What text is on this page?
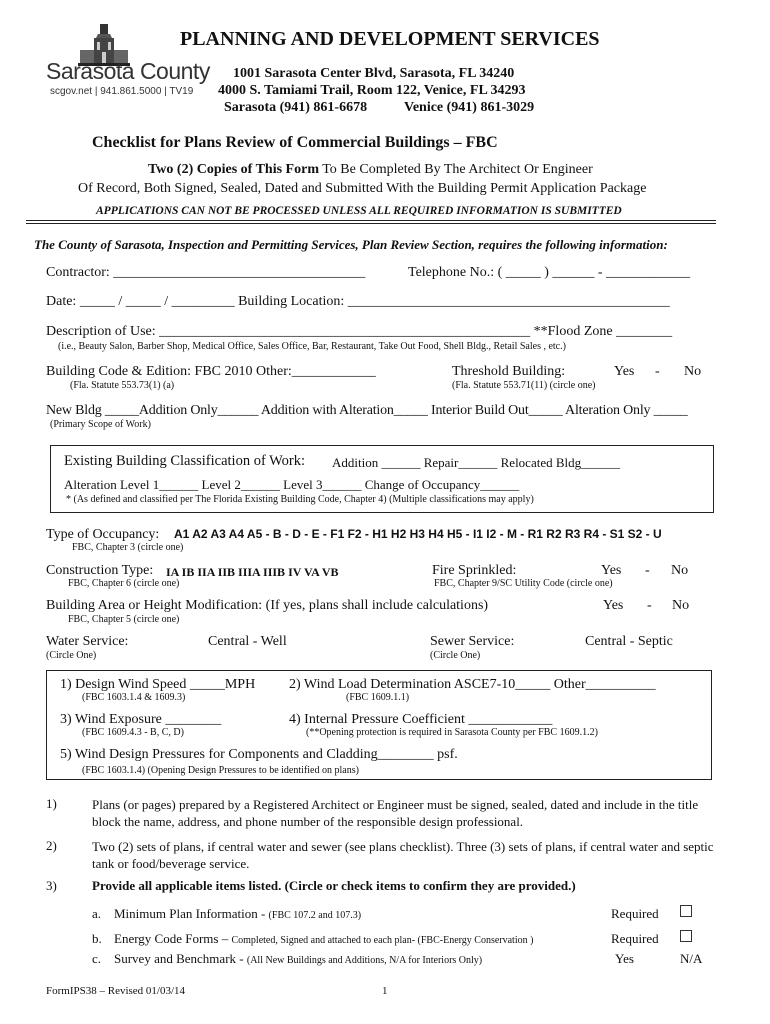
Sarasota County
scgov.net | 941.861.5000 | TV19
PLANNING AND DEVELOPMENT SERVICES
1001 Sarasota Center Blvd, Sarasota, FL 34240
4000 S. Tamiami Trail, Room 122, Venice, FL 34293
Sarasota (941) 861-6678	Venice (941) 861-3029
Checklist for Plans Review of Commercial Buildings – FBC
Two (2) Copies of This Form To Be Completed By The Architect Or Engineer
Of Record, Both Signed, Sealed, Dated and Submitted With the Building Permit Application Package
APPLICATIONS CAN NOT BE PROCESSED UNLESS ALL REQUIRED INFORMATION IS SUBMITTED
The County of Sarasota, Inspection and Permitting Services, Plan Review Section, requires the following information:
Contractor: ____________________________________	Telephone No.: ( _____ ) ______ - ____________
Date: _____ / _____ / _________ Building Location: ______________________________________________
Description of Use: _____________________________________________________ **Flood Zone ________
(i.e., Beauty Salon, Barber Shop, Medical Office, Sales Office, Bar, Restaurant, Take Out Food, Shell Bldg., Retail Sales , etc.)
Building Code & Edition: FBC 2010 Other:____________
(Fla. Statute 553.73(1) (a)
Threshold Building:	Yes - No
(Fla. Statute 553.71(11) (circle one)
New Bldg _____Addition Only______ Addition with Alteration_____ Interior Build Out_____ Alteration Only _____
(Primary Scope of Work)
Existing Building Classification of Work: Addition ______ Repair______ Relocated Bldg______
Alteration Level 1______ Level 2______ Level 3______ Change of Occupancy______
* (As defined and classified per The Florida Existing Building Code, Chapter 4) (Multiple classifications may apply)
Type of Occupancy: A1 A2 A3 A4 A5 - B - D - E - F1 F2 - H1 H2 H3 H4 H5 - I1 I2 - M - R1 R2 R3 R4 - S1 S2 - U
FBC, Chapter 3 (circle one)
Construction Type: IA IB IIA IIB IIIA IIIB IV VA VB
FBC, Chapter 6 (circle one)
Fire Sprinkled:	Yes - No
FBC, Chapter 9/SC Utility Code (circle one)
Building Area or Height Modification: (If yes, plans shall include calculations)	Yes - No
FBC, Chapter 5 (circle one)
Water Service:	Central - Well
(Circle One)
Sewer Service:	Central - Septic
(Circle One)
1) Design Wind Speed _____MPH
(FBC 1603.1.4 & 1609.3)
2) Wind Load Determination ASCE7-10_____ Other__________
(FBC 1609.1.1)
3) Wind Exposure ________
(FBC 1609.4.3 - B, C, D)
4) Internal Pressure Coefficient ____________
(**Opening protection is required in Sarasota County per FBC 1609.1.2)
5) Wind Design Pressures for Components and Cladding________ psf.
(FBC 1603.1.4) (Opening Design Pressures to be identified on plans)
1)	Plans (or pages) prepared by a Registered Architect or Engineer must be signed, sealed, dated and include in the title block the name, address, and phone number of the responsible design professional.
2)	Two (2) sets of plans, if central water and sewer (see plans checklist). Three (3) sets of plans, if central water and septic tank or food/beverage service.
3)	Provide all applicable items listed. (Circle or check items to confirm they are provided.)
a. Minimum Plan Information - (FBC 107.2 and 107.3)	Required
b. Energy Code Forms – Completed, Signed and attached to each plan- (FBC-Energy Conservation )	Required
c. Survey and Benchmark - (All New Buildings and Additions, N/A for Interiors Only)	Yes	N/A
FormIPS38 – Revised 01/03/14	1
